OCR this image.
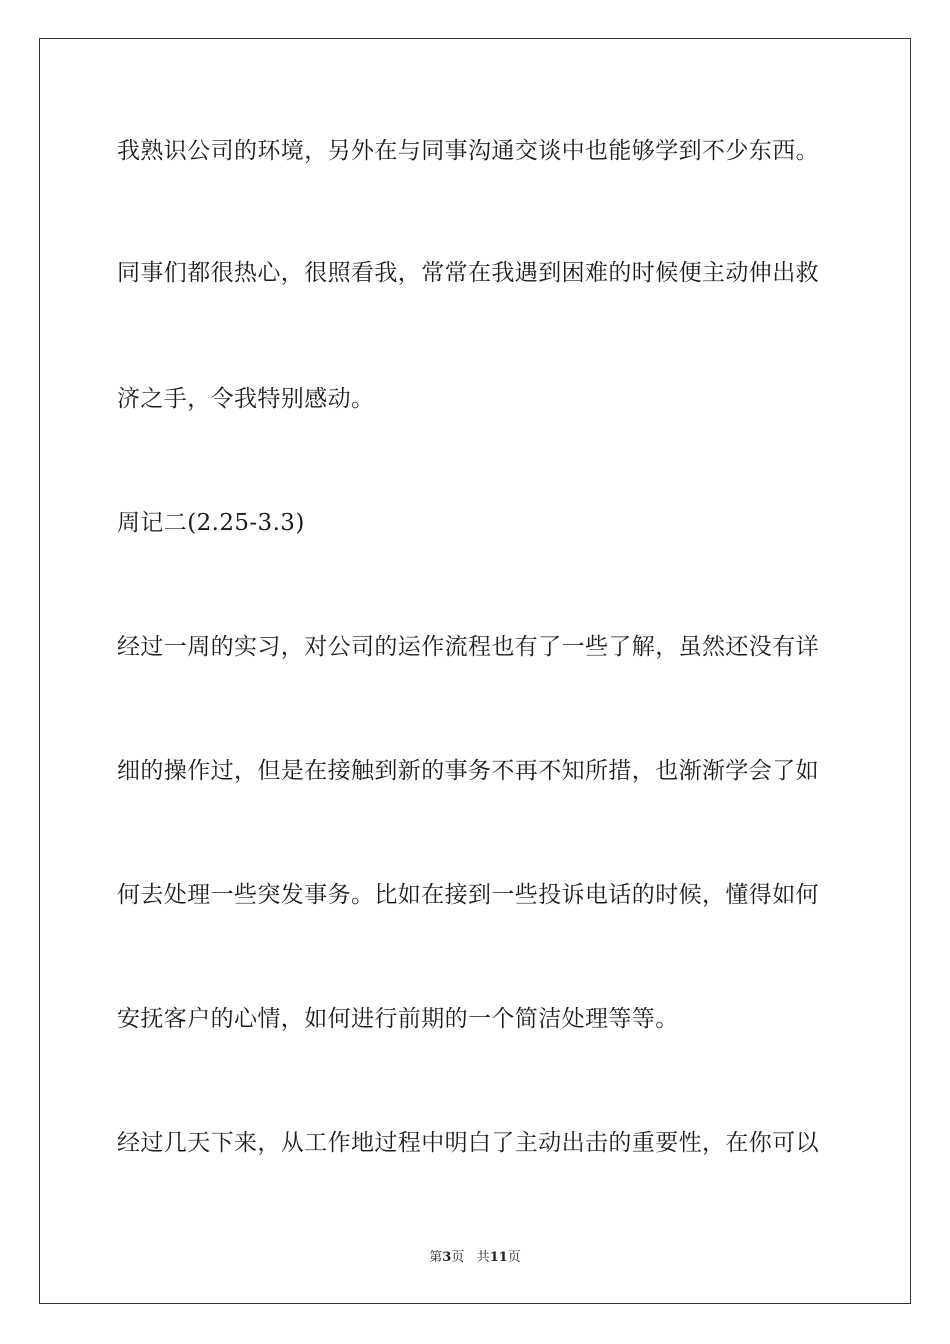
我熟识公司的环境，另外在与同事沟通交谈中也能够学到不少东西。
同事们都很热心，很照看我，常常在我遇到困难的时候便主动伸出救
济之手，令我特别感动。
周记二(2.25-3.3)
经过一周的实习，对公司的运作流程也有了一些了解，虽然还没有详
细的操作过，但是在接触到新的事务不再不知所措，也渐渐学会了如
何去处理一些突发事务。比如在接到一些投诉电话的时候，懂得如何
安抚客户的心情，如何进行前期的一个简洁处理等等。
经过几天下来，从工作地过程中明白了主动出击的重要性，在你可以
第3页 共11页
